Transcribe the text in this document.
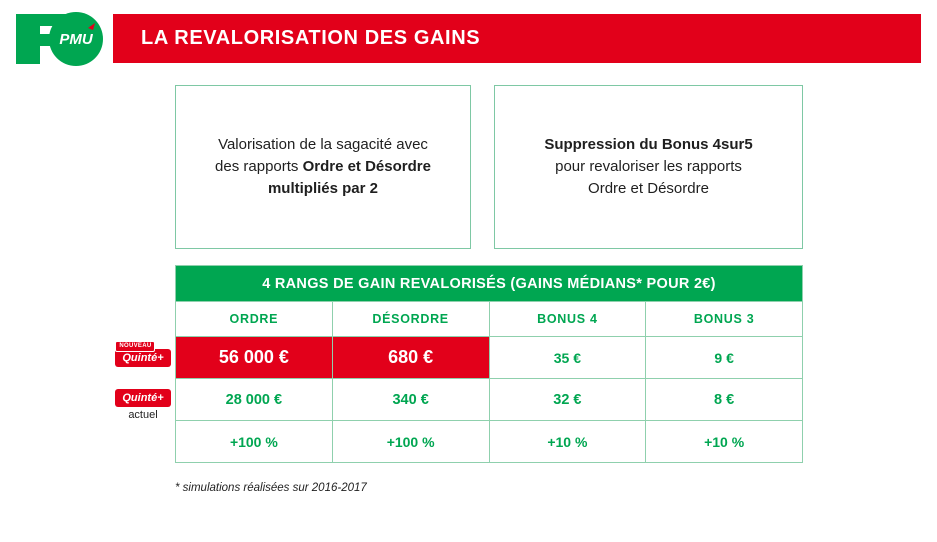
PMU	LA REVALORISATION DES GAINS

Valorisation de la sagacité avec
des rapports Ordre et Désordre
multipliés par 2

Suppression du Bonus 4sur5
pour revaloriser les rapports
Ordre et Désordre

NOUVEAU
Quinté+
Quinté+
actuel
4 RANGS DE GAIN REVALORISÉS (GAINS MÉDIANS* POUR 2€)			
ORDRE	DÉSORDRE	BONUS 4	BONUS 3
56 000 €	680 €	35 €	9 €
28 000 €	340 €	32 €	8 €
+100 %	+100 %	+10 %	+10 %
* simulations réalisées sur 2016-2017
